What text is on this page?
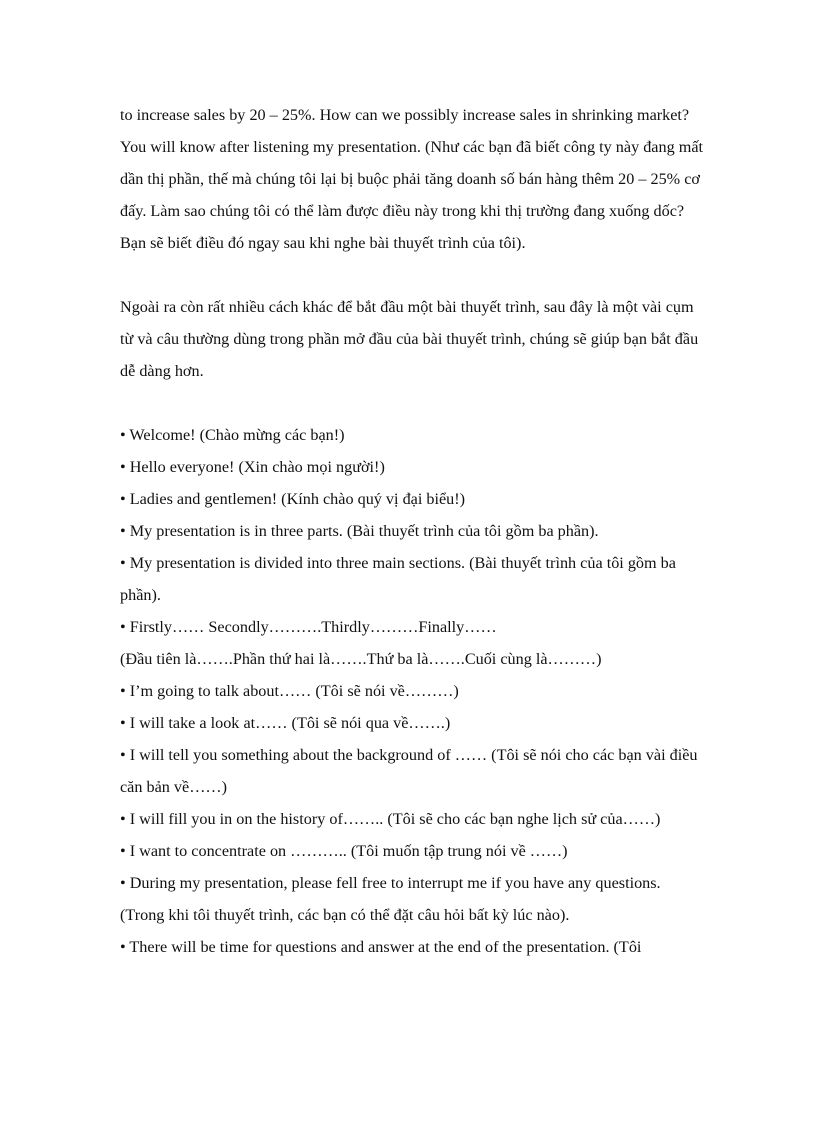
to increase sales by 20 – 25%. How can we possibly increase sales in shrinking market? You will know after listening my presentation. (Như các bạn đã biết công ty này đang mất dần thị phần, thế mà chúng tôi lại bị buộc phải tăng doanh số bán hàng thêm 20 – 25% cơ đấy. Làm sao chúng tôi có thể làm được điều này trong khi thị trường đang xuống dốc? Bạn sẽ biết điều đó ngay sau khi nghe bài thuyết trình của tôi).

Ngoài ra còn rất nhiều cách khác để bắt đầu một bài thuyết trình, sau đây là một vài cụm từ và câu thường dùng trong phần mở đầu của bài thuyết trình, chúng sẽ giúp bạn bắt đầu dễ dàng hơn.

• Welcome! (Chào mừng các bạn!)

• Hello everyone! (Xin chào mọi người!)

• Ladies and gentlemen! (Kính chào quý vị đại biểu!)

• My presentation is in three parts. (Bài thuyết trình của tôi gồm ba phần).

• My presentation is divided into three main sections. (Bài thuyết trình của tôi gồm ba phần).

• Firstly…… Secondly……….Thirdly………Finally……

(Đầu tiên là…….Phần thứ hai là…….Thứ ba là…….Cuối cùng là………)

• I’m going to talk about…… (Tôi sẽ nói về………)

• I will take a look at…… (Tôi sẽ nói qua về…….)

• I will tell you something about the background of …… (Tôi sẽ nói cho các bạn vài điều căn bản về……)

• I will fill you in on the history of…….. (Tôi sẽ cho các bạn nghe lịch sử của……)

• I want to concentrate on ……….. (Tôi muốn tập trung nói về ……)

• During my presentation, please fell free to interrupt me if you have any questions. (Trong khi tôi thuyết trình, các bạn có thể đặt câu hỏi bất kỳ lúc nào).

• There will be time for questions and answer at the end of the presentation. (Tôi
